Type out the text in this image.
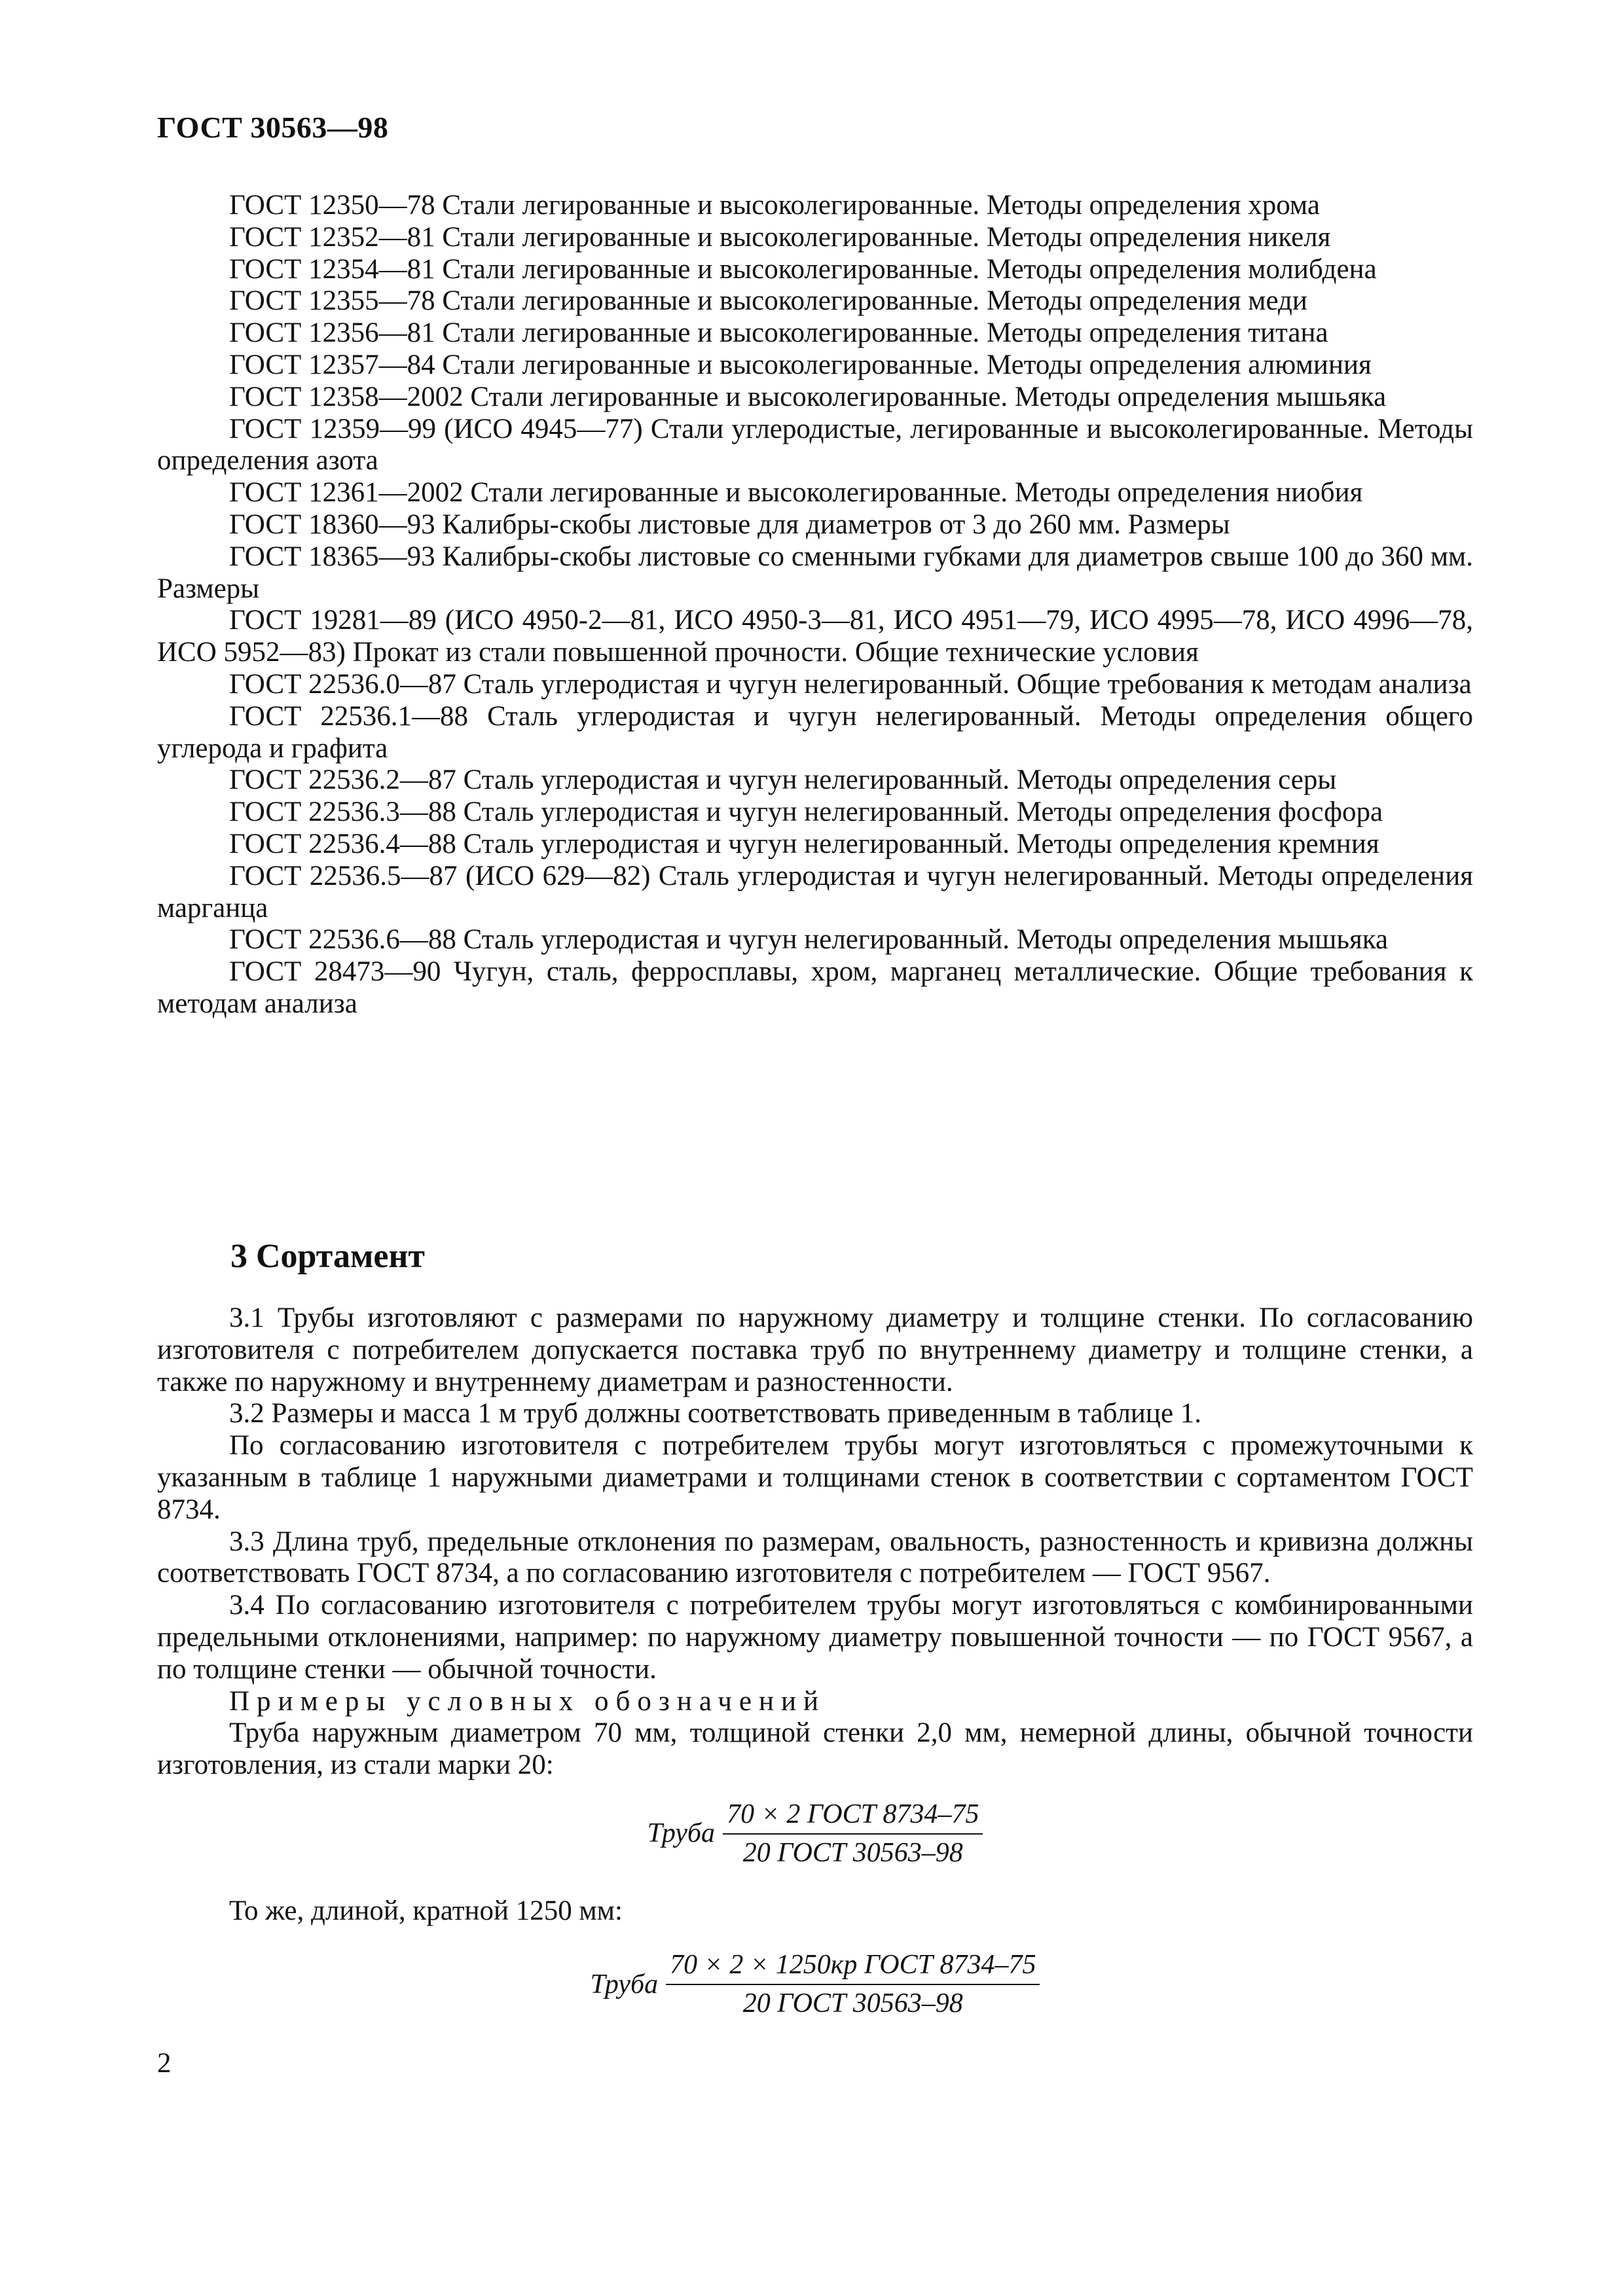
ГОСТ 30563—98

ГОСТ 12350—78 Стали легированные и высоколегированные. Методы определения хрома

ГОСТ 12352—81 Стали легированные и высоколегированные. Методы определения никеля

ГОСТ 12354—81 Стали легированные и высоколегированные. Методы определения молибдена

ГОСТ 12355—78 Стали легированные и высоколегированные. Методы определения меди

ГОСТ 12356—81 Стали легированные и высоколегированные. Методы определения титана

ГОСТ 12357—84 Стали легированные и высоколегированные. Методы определения алюминия

ГОСТ 12358—2002 Стали легированные и высоколегированные. Методы определения мышьяка

ГОСТ 12359—99 (ИСО 4945—77) Стали углеродистые, легированные и высоколегированные. Методы определения азота

ГОСТ 12361—2002 Стали легированные и высоколегированные. Методы определения ниобия

ГОСТ 18360—93 Калибры-скобы листовые для диаметров от 3 до 260 мм. Размеры

ГОСТ 18365—93 Калибры-скобы листовые со сменными губками для диаметров свыше 100 до 360 мм. Размеры

ГОСТ 19281—89 (ИСО 4950-2—81, ИСО 4950-3—81, ИСО 4951—79, ИСО 4995—78, ИСО 4996—78, ИСО 5952—83) Прокат из стали повышенной прочности. Общие технические условия

ГОСТ 22536.0—87 Сталь углеродистая и чугун нелегированный. Общие требования к методам анализа

ГОСТ 22536.1—88 Сталь углеродистая и чугун нелегированный. Методы определения общего углерода и графита

ГОСТ 22536.2—87 Сталь углеродистая и чугун нелегированный. Методы определения серы

ГОСТ 22536.3—88 Сталь углеродистая и чугун нелегированный. Методы определения фосфора

ГОСТ 22536.4—88 Сталь углеродистая и чугун нелегированный. Методы определения кремния

ГОСТ 22536.5—87 (ИСО 629—82) Сталь углеродистая и чугун нелегированный. Методы определения марганца

ГОСТ 22536.6—88 Сталь углеродистая и чугун нелегированный. Методы определения мышьяка

ГОСТ 28473—90 Чугун, сталь, ферросплавы, хром, марганец металлические. Общие требования к методам анализа

3 Сортамент

3.1 Трубы изготовляют с размерами по наружному диаметру и толщине стенки. По согласованию изготовителя с потребителем допускается поставка труб по внутреннему диаметру и толщине стенки, а также по наружному и внутреннему диаметрам и разностенности.

3.2 Размеры и масса 1 м труб должны соответствовать приведенным в таблице 1.

По согласованию изготовителя с потребителем трубы могут изготовляться с промежуточными к указанным в таблице 1 наружными диаметрами и толщинами стенок в соответствии с сортаментом ГОСТ 8734.

3.3 Длина труб, предельные отклонения по размерам, овальность, разностенность и кривизна должны соответствовать ГОСТ 8734, а по согласованию изготовителя с потребителем — ГОСТ 9567.

3.4 По согласованию изготовителя с потребителем трубы могут изготовляться с комбинированными предельными отклонениями, например: по наружному диаметру повышенной точности — по ГОСТ 9567, а по толщине стенки — обычной точности.

Примеры условных обозначений

Труба наружным диаметром 70 мм, толщиной стенки 2,0 мм, немерной длины, обычной точности изготовления, из стали марки 20:

Труба $\frac{\text{70 × 2 ГОСТ 8734–75}}{\text{20 ГОСТ 30563–98}}$

То же, длиной, кратной 1250 мм:

Труба $\frac{\text{70 × 2 × 1250кр ГОСТ 8734–75}}{\text{20 ГОСТ 30563–98}}$
2
